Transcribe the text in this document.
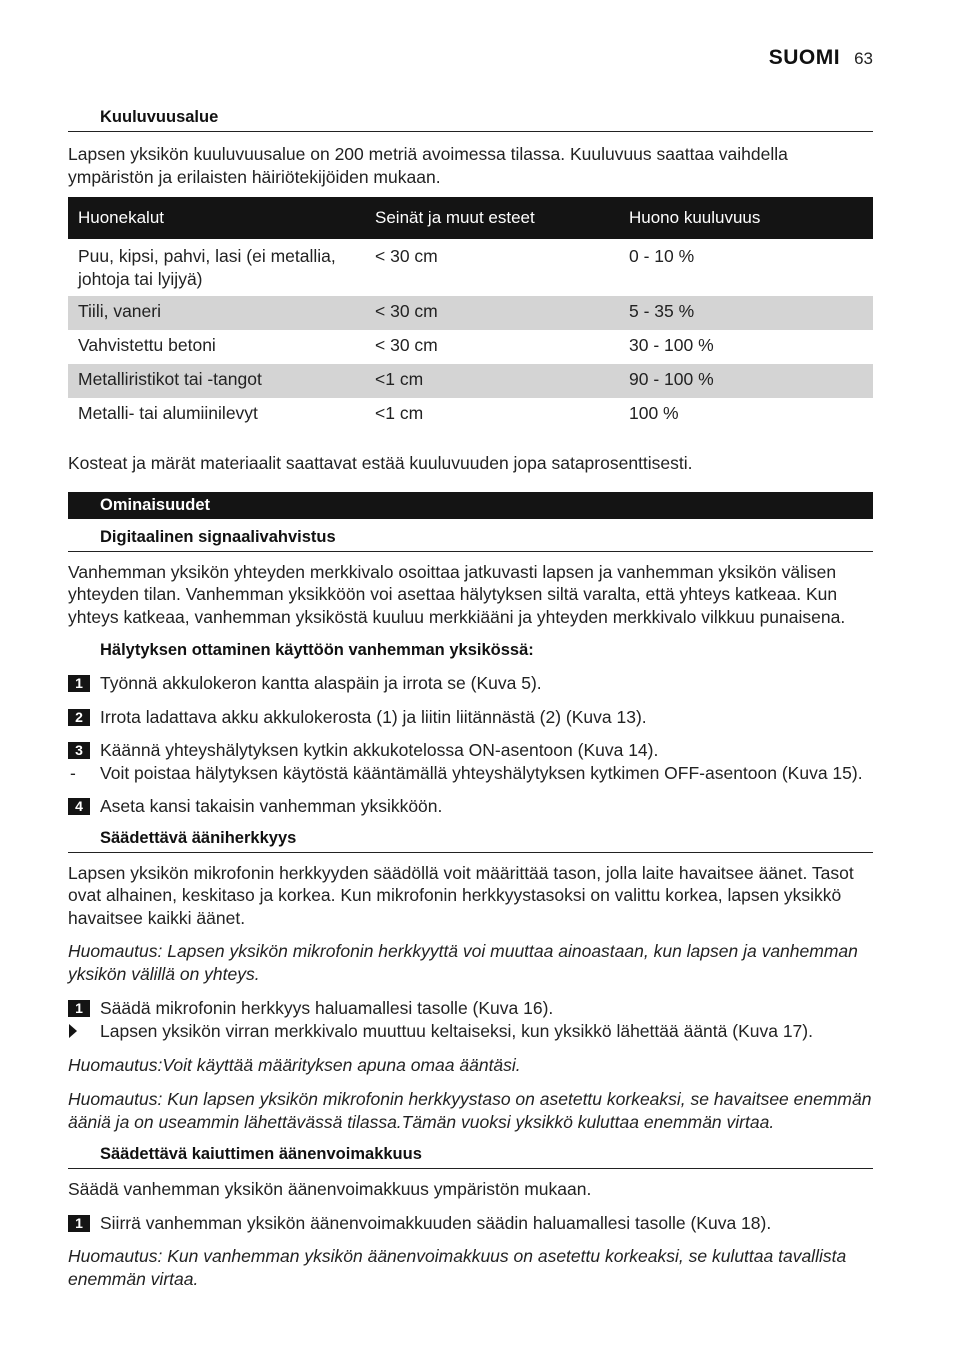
SUOMI 63
Kuuluvuusalue

Lapsen yksikön kuuluvuusalue on 200 metriä avoimessa tilassa. Kuuluvuus saattaa vaihdella ympäristön ja erilaisten häiriötekijöiden mukaan.

Huonekalut	Seinät ja muut esteet	Huono kuuluvuus
Puu, kipsi, pahvi, lasi (ei metallia, johtoja tai lyijyä)	< 30 cm	0 - 10 %
Tiili, vaneri	< 30 cm	5 - 35 %
Vahvistettu betoni	< 30 cm	30 - 100 %
Metalliristikot tai -tangot	<1 cm	90 - 100 %
Metalli- tai alumiinilevyt	<1 cm	100 %

Kosteat ja märät materiaalit saattavat estää kuuluvuuden jopa sataprosenttisesti.

Ominaisuudet
Digitaalinen signaalivahvistus

Vanhemman yksikön yhteyden merkkivalo osoittaa jatkuvasti lapsen ja vanhemman yksikön välisen yhteyden tilan. Vanhemman yksikköön voi asettaa hälytyksen siltä varalta, että yhteys katkeaa. Kun yhteys katkeaa, vanhemman yksiköstä kuuluu merkkiääni ja yhteyden merkkivalo vilkkuu punaisena.

Hälytyksen ottaminen käyttöön vanhemman yksikössä:
1 Työnnä akkulokeron kantta alaspäin ja irrota se (Kuva 5).
2 Irrota ladattava akku akkulokerosta (1) ja liitin liitännästä (2) (Kuva 13).
3 Käännä yhteyshälytyksen kytkin akkukotelossa ON-asentoon (Kuva 14).
-	Voit poistaa hälytyksen käytöstä kääntämällä yhteyshälytyksen kytkimen OFF-asentoon (Kuva 15).
4 Aseta kansi takaisin vanhemman yksikköön.
Säädettävä ääniherkkyys

Lapsen yksikön mikrofonin herkkyyden säädöllä voit määrittää tason, jolla laite havaitsee äänet. Tasot ovat alhainen, keskitaso ja korkea. Kun mikrofonin herkkyystasoksi on valittu korkea, lapsen yksikkö havaitsee kaikki äänet.

Huomautus: Lapsen yksikön mikrofonin herkkyyttä voi muuttaa ainoastaan, kun lapsen ja vanhemman yksikön välillä on yhteys.

1 Säädä mikrofonin herkkyys haluamallesi tasolle (Kuva 16).
Lapsen yksikön virran merkkivalo muuttuu keltaiseksi, kun yksikkö lähettää ääntä (Kuva 17).

Huomautus:Voit käyttää määrityksen apuna omaa ääntäsi.

Huomautus: Kun lapsen yksikön mikrofonin herkkyystaso on asetettu korkeaksi, se havaitsee enemmän ääniä ja on useammin lähettävässä tilassa.Tämän vuoksi yksikkö kuluttaa enemmän virtaa.

Säädettävä kaiuttimen äänenvoimakkuus

Säädä vanhemman yksikön äänenvoimakkuus ympäristön mukaan.

1 Siirrä vanhemman yksikön äänenvoimakkuuden säädin haluamallesi tasolle (Kuva 18).

Huomautus: Kun vanhemman yksikön äänenvoimakkuus on asetettu korkeaksi, se kuluttaa tavallista enemmän virtaa.
